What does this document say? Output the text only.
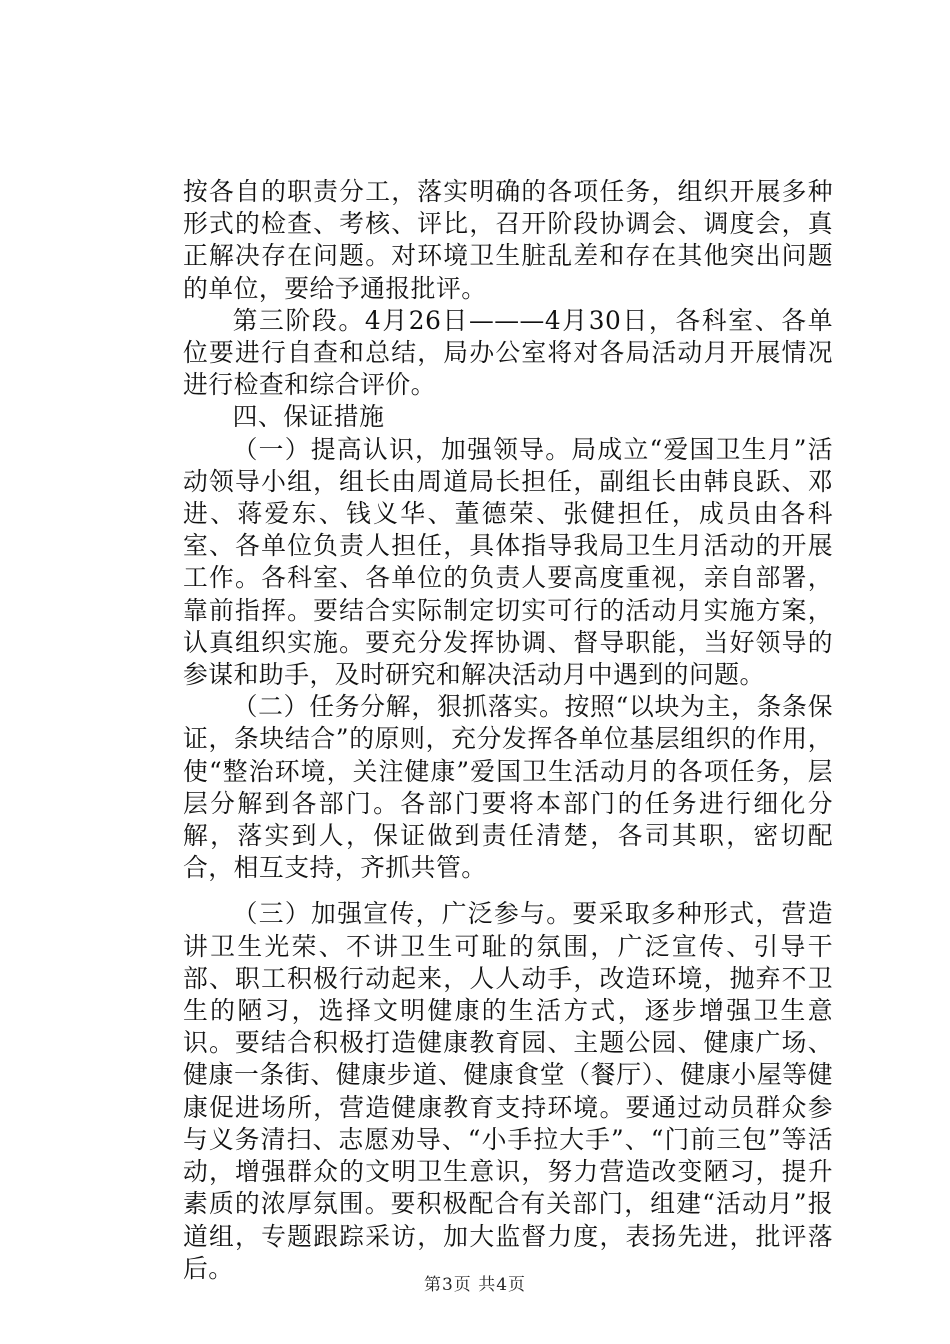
按各自的职责分工，落实明确的各项任务，组织开展多种形式的检查、考核、评比，召开阶段协调会、调度会，真正解决存在问题。对环境卫生脏乱差和存在其他突出问题的单位，要给予通报批评。

第三阶段。4月26日———4月30日，各科室、各单位要进行自查和总结，局办公室将对各局活动月开展情况进行检查和综合评价。

四、保证措施

（一）提高认识，加强领导。局成立“爱国卫生月”活动领导小组，组长由周道局长担任，副组长由韩良跃、邓进、蒋爱东、钱义华、董德荣、张健担任，成员由各科室、各单位负责人担任，具体指导我局卫生月活动的开展工作。各科室、各单位的负责人要高度重视，亲自部署，靠前指挥。要结合实际制定切实可行的活动月实施方案，认真组织实施。要充分发挥协调、督导职能，当好领导的参谋和助手，及时研究和解决活动月中遇到的问题。

（二）任务分解，狠抓落实。按照“以块为主，条条保证，条块结合”的原则，充分发挥各单位基层组织的作用，使“整治环境，关注健康”爱国卫生活动月的各项任务，层层分解到各部门。各部门要将本部门的任务进行细化分解，落实到人，保证做到责任清楚，各司其职，密切配合，相互支持，齐抓共管。

（三）加强宣传，广泛参与。要采取多种形式，营造讲卫生光荣、不讲卫生可耻的氛围，广泛宣传、引导干部、职工积极行动起来，人人动手，改造环境，抛弃不卫生的陋习，选择文明健康的生活方式，逐步增强卫生意识。要结合积极打造健康教育园、主题公园、健康广场、健康一条街、健康步道、健康食堂（餐厅）、健康小屋等健康促进场所，营造健康教育支持环境。要通过动员群众参与义务清扫、志愿劝导、“小手拉大手”、“门前三包”等活动，增强群众的文明卫生意识，努力营造改变陋习，提升素质的浓厚氛围。要积极配合有关部门，组建“活动月”报道组，专题跟踪采访，加大监督力度，表扬先进，批评落后。

第3页 共4页
